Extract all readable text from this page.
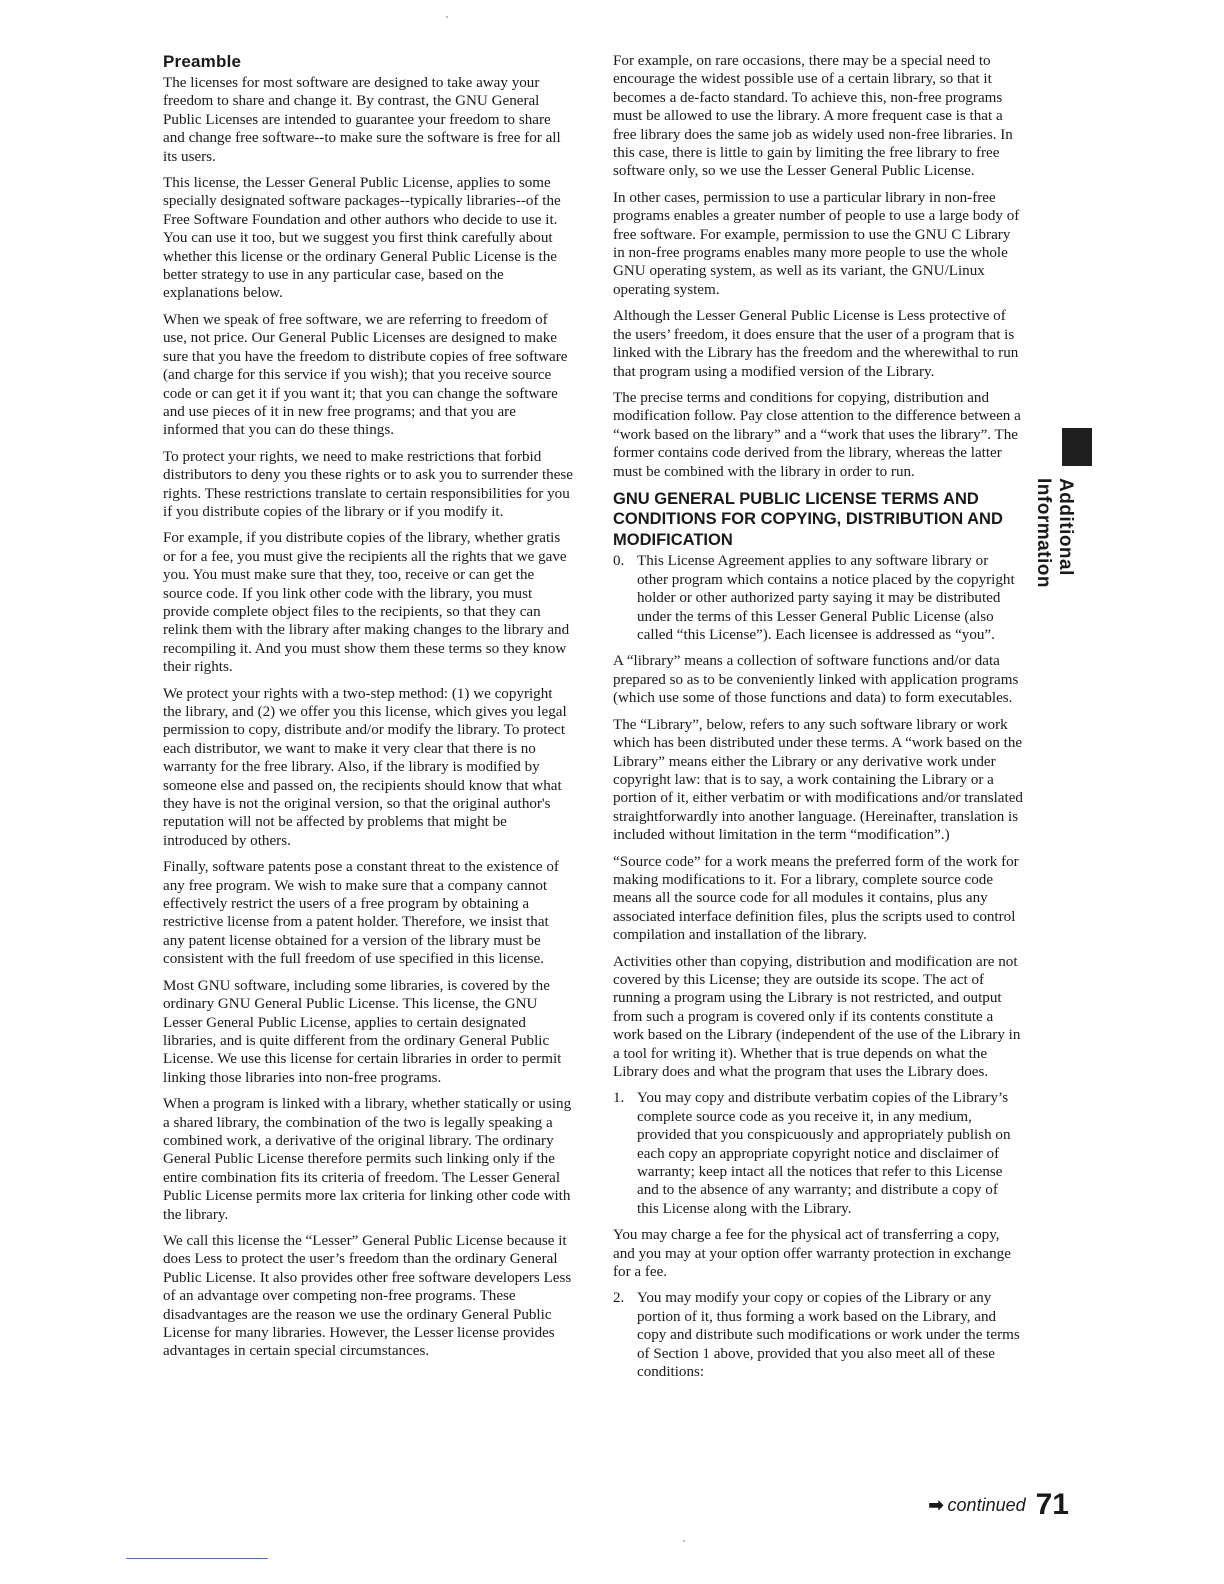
Preamble

The licenses for most software are designed to take away your freedom to share and change it. By contrast, the GNU General Public Licenses are intended to guarantee your freedom to share and change free software--to make sure the software is free for all its users.

This license, the Lesser General Public License, applies to some specially designated software packages--typically libraries--of the Free Software Foundation and other authors who decide to use it. You can use it too, but we suggest you first think carefully about whether this license or the ordinary General Public License is the better strategy to use in any particular case, based on the explanations below.

When we speak of free software, we are referring to freedom of use, not price. Our General Public Licenses are designed to make sure that you have the freedom to distribute copies of free software (and charge for this service if you wish); that you receive source code or can get it if you want it; that you can change the software and use pieces of it in new free programs; and that you are informed that you can do these things.

To protect your rights, we need to make restrictions that forbid distributors to deny you these rights or to ask you to surrender these rights. These restrictions translate to certain responsibilities for you if you distribute copies of the library or if you modify it.

For example, if you distribute copies of the library, whether gratis or for a fee, you must give the recipients all the rights that we gave you. You must make sure that they, too, receive or can get the source code. If you link other code with the library, you must provide complete object files to the recipients, so that they can relink them with the library after making changes to the library and recompiling it. And you must show them these terms so they know their rights.

We protect your rights with a two-step method: (1) we copyright the library, and (2) we offer you this license, which gives you legal permission to copy, distribute and/or modify the library. To protect each distributor, we want to make it very clear that there is no warranty for the free library. Also, if the library is modified by someone else and passed on, the recipients should know that what they have is not the original version, so that the original author's reputation will not be affected by problems that might be introduced by others.

Finally, software patents pose a constant threat to the existence of any free program. We wish to make sure that a company cannot effectively restrict the users of a free program by obtaining a restrictive license from a patent holder. Therefore, we insist that any patent license obtained for a version of the library must be consistent with the full freedom of use specified in this license.

Most GNU software, including some libraries, is covered by the ordinary GNU General Public License. This license, the GNU Lesser General Public License, applies to certain designated libraries, and is quite different from the ordinary General Public License. We use this license for certain libraries in order to permit linking those libraries into non-free programs.

When a program is linked with a library, whether statically or using a shared library, the combination of the two is legally speaking a combined work, a derivative of the original library. The ordinary General Public License therefore permits such linking only if the entire combination fits its criteria of freedom. The Lesser General Public License permits more lax criteria for linking other code with the library.

We call this license the “Lesser” General Public License because it does Less to protect the user’s freedom than the ordinary General Public License. It also provides other free software developers Less of an advantage over competing non-free programs. These disadvantages are the reason we use the ordinary General Public License for many libraries. However, the Lesser license provides advantages in certain special circumstances.

For example, on rare occasions, there may be a special need to encourage the widest possible use of a certain library, so that it becomes a de-facto standard. To achieve this, non-free programs must be allowed to use the library. A more frequent case is that a free library does the same job as widely used non-free libraries. In this case, there is little to gain by limiting the free library to free software only, so we use the Lesser General Public License.

In other cases, permission to use a particular library in non-free programs enables a greater number of people to use a large body of free software. For example, permission to use the GNU C Library in non-free programs enables many more people to use the whole GNU operating system, as well as its variant, the GNU/Linux operating system.

Although the Lesser General Public License is Less protective of the users’ freedom, it does ensure that the user of a program that is linked with the Library has the freedom and the wherewithal to run that program using a modified version of the Library.

The precise terms and conditions for copying, distribution and modification follow. Pay close attention to the difference between a “work based on the library” and a “work that uses the library”. The former contains code derived from the library, whereas the latter must be combined with the library in order to run.

GNU GENERAL PUBLIC LICENSE TERMS AND CONDITIONS FOR COPYING, DISTRIBUTION AND MODIFICATION
0. This License Agreement applies to any software library or other program which contains a notice placed by the copyright holder or other authorized party saying it may be distributed under the terms of this Lesser General Public License (also called “this License”). Each licensee is addressed as “you”.

A “library” means a collection of software functions and/or data prepared so as to be conveniently linked with application programs (which use some of those functions and data) to form executables.

The “Library”, below, refers to any such software library or work which has been distributed under these terms. A “work based on the Library” means either the Library or any derivative work under copyright law: that is to say, a work containing the Library or a portion of it, either verbatim or with modifications and/or translated straightforwardly into another language. (Hereinafter, translation is included without limitation in the term “modification”.)

“Source code” for a work means the preferred form of the work for making modifications to it. For a library, complete source code means all the source code for all modules it contains, plus any associated interface definition files, plus the scripts used to control compilation and installation of the library.

Activities other than copying, distribution and modification are not covered by this License; they are outside its scope. The act of running a program using the Library is not restricted, and output from such a program is covered only if its contents constitute a work based on the Library (independent of the use of the Library in a tool for writing it). Whether that is true depends on what the Library does and what the program that uses the Library does.

1. You may copy and distribute verbatim copies of the Library’s complete source code as you receive it, in any medium, provided that you conspicuously and appropriately publish on each copy an appropriate copyright notice and disclaimer of warranty; keep intact all the notices that refer to this License and to the absence of any warranty; and distribute a copy of this License along with the Library.

You may charge a fee for the physical act of transferring a copy, and you may at your option offer warranty protection in exchange for a fee.

2. You may modify your copy or copies of the Library or any portion of it, thus forming a work based on the Library, and copy and distribute such modifications or work under the terms of Section 1 above, provided that you also meet all of these conditions:
Additional Information
➡ continued 71
